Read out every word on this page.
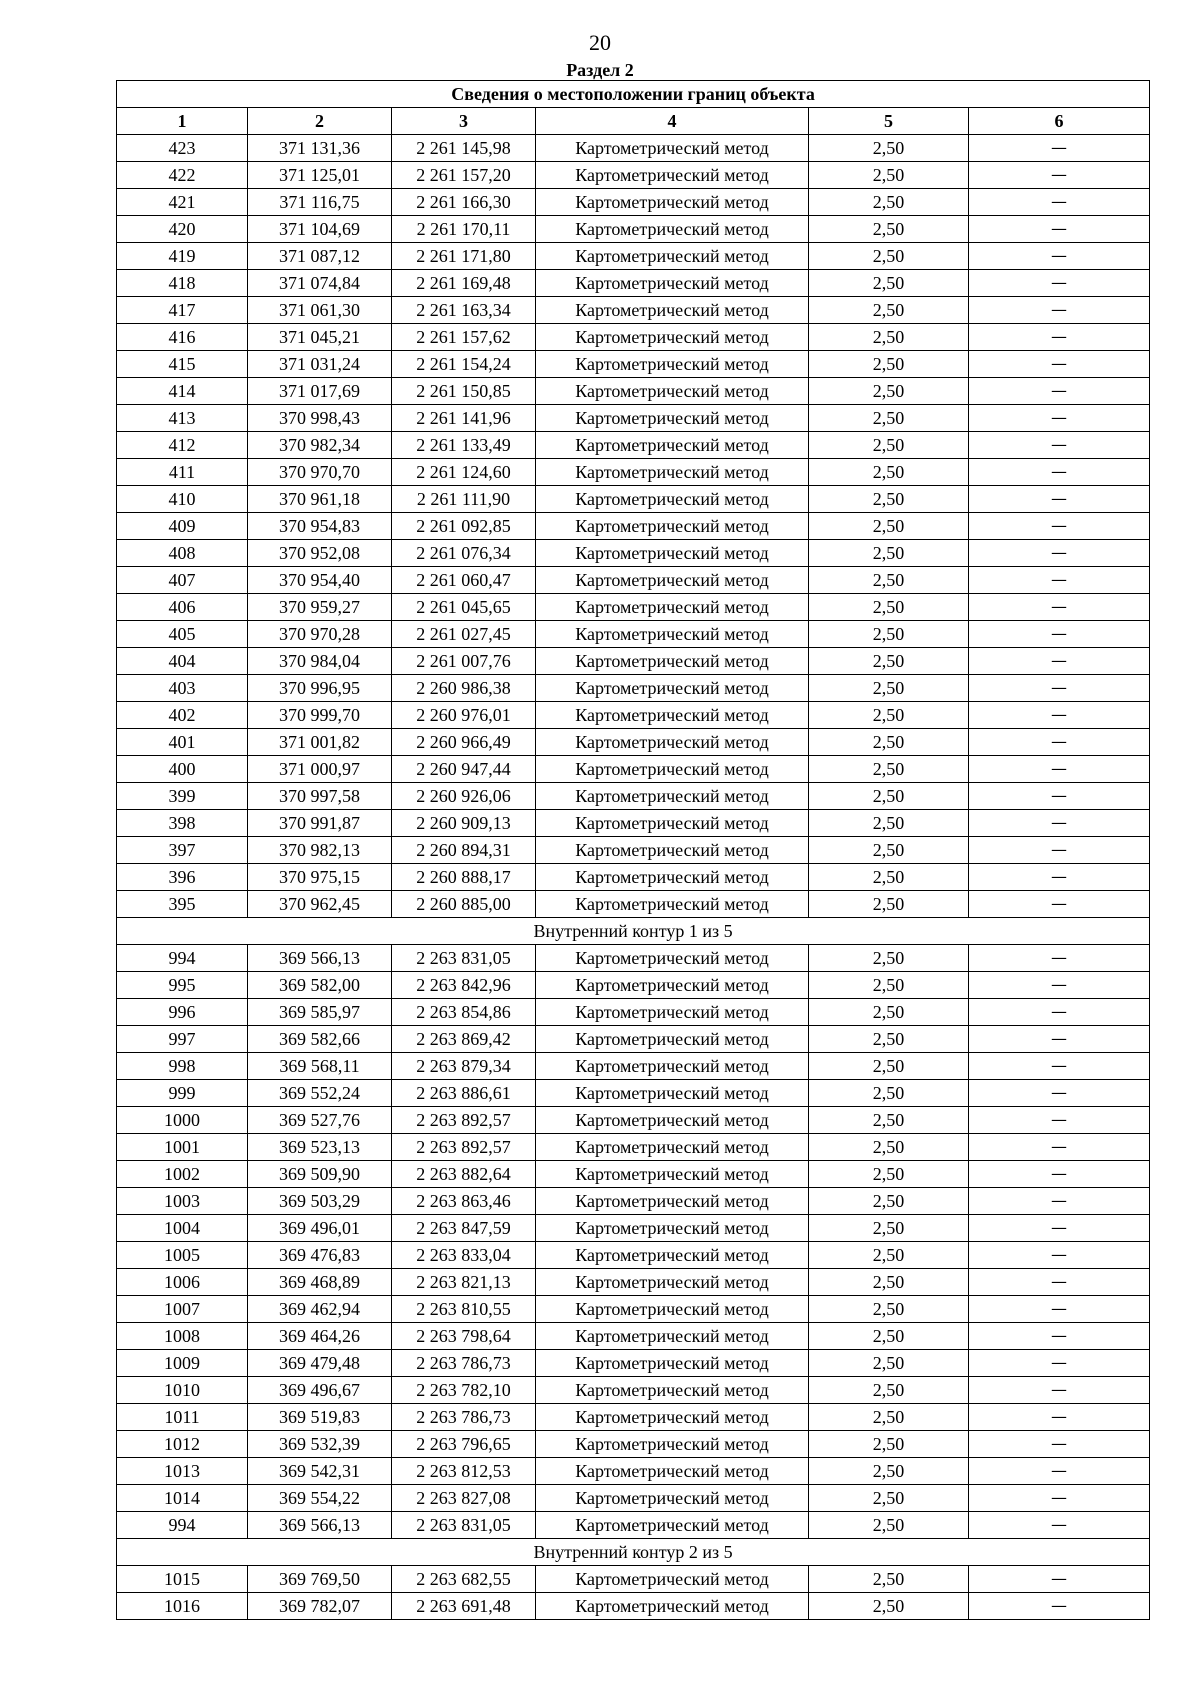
20
Раздел 2
Сведения о местоположении границ объекта					
1	2	3	4	5	6
423	371 131,36	2 261 145,98	Картометрический метод	2,50	—
422	371 125,01	2 261 157,20	Картометрический метод	2,50	—
421	371 116,75	2 261 166,30	Картометрический метод	2,50	—
420	371 104,69	2 261 170,11	Картометрический метод	2,50	—
419	371 087,12	2 261 171,80	Картометрический метод	2,50	—
418	371 074,84	2 261 169,48	Картометрический метод	2,50	—
417	371 061,30	2 261 163,34	Картометрический метод	2,50	—
416	371 045,21	2 261 157,62	Картометрический метод	2,50	—
415	371 031,24	2 261 154,24	Картометрический метод	2,50	—
414	371 017,69	2 261 150,85	Картометрический метод	2,50	—
413	370 998,43	2 261 141,96	Картометрический метод	2,50	—
412	370 982,34	2 261 133,49	Картометрический метод	2,50	—
411	370 970,70	2 261 124,60	Картометрический метод	2,50	—
410	370 961,18	2 261 111,90	Картометрический метод	2,50	—
409	370 954,83	2 261 092,85	Картометрический метод	2,50	—
408	370 952,08	2 261 076,34	Картометрический метод	2,50	—
407	370 954,40	2 261 060,47	Картометрический метод	2,50	—
406	370 959,27	2 261 045,65	Картометрический метод	2,50	—
405	370 970,28	2 261 027,45	Картометрический метод	2,50	—
404	370 984,04	2 261 007,76	Картометрический метод	2,50	—
403	370 996,95	2 260 986,38	Картометрический метод	2,50	—
402	370 999,70	2 260 976,01	Картометрический метод	2,50	—
401	371 001,82	2 260 966,49	Картометрический метод	2,50	—
400	371 000,97	2 260 947,44	Картометрический метод	2,50	—
399	370 997,58	2 260 926,06	Картометрический метод	2,50	—
398	370 991,87	2 260 909,13	Картометрический метод	2,50	—
397	370 982,13	2 260 894,31	Картометрический метод	2,50	—
396	370 975,15	2 260 888,17	Картометрический метод	2,50	—
395	370 962,45	2 260 885,00	Картометрический метод	2,50	—
Внутренний контур 1 из 5					
994	369 566,13	2 263 831,05	Картометрический метод	2,50	—
995	369 582,00	2 263 842,96	Картометрический метод	2,50	—
996	369 585,97	2 263 854,86	Картометрический метод	2,50	—
997	369 582,66	2 263 869,42	Картометрический метод	2,50	—
998	369 568,11	2 263 879,34	Картометрический метод	2,50	—
999	369 552,24	2 263 886,61	Картометрический метод	2,50	—
1000	369 527,76	2 263 892,57	Картометрический метод	2,50	—
1001	369 523,13	2 263 892,57	Картометрический метод	2,50	—
1002	369 509,90	2 263 882,64	Картометрический метод	2,50	—
1003	369 503,29	2 263 863,46	Картометрический метод	2,50	—
1004	369 496,01	2 263 847,59	Картометрический метод	2,50	—
1005	369 476,83	2 263 833,04	Картометрический метод	2,50	—
1006	369 468,89	2 263 821,13	Картометрический метод	2,50	—
1007	369 462,94	2 263 810,55	Картометрический метод	2,50	—
1008	369 464,26	2 263 798,64	Картометрический метод	2,50	—
1009	369 479,48	2 263 786,73	Картометрический метод	2,50	—
1010	369 496,67	2 263 782,10	Картометрический метод	2,50	—
1011	369 519,83	2 263 786,73	Картометрический метод	2,50	—
1012	369 532,39	2 263 796,65	Картометрический метод	2,50	—
1013	369 542,31	2 263 812,53	Картометрический метод	2,50	—
1014	369 554,22	2 263 827,08	Картометрический метод	2,50	—
994	369 566,13	2 263 831,05	Картометрический метод	2,50	—
Внутренний контур 2 из 5					
1015	369 769,50	2 263 682,55	Картометрический метод	2,50	—
1016	369 782,07	2 263 691,48	Картометрический метод	2,50	—
